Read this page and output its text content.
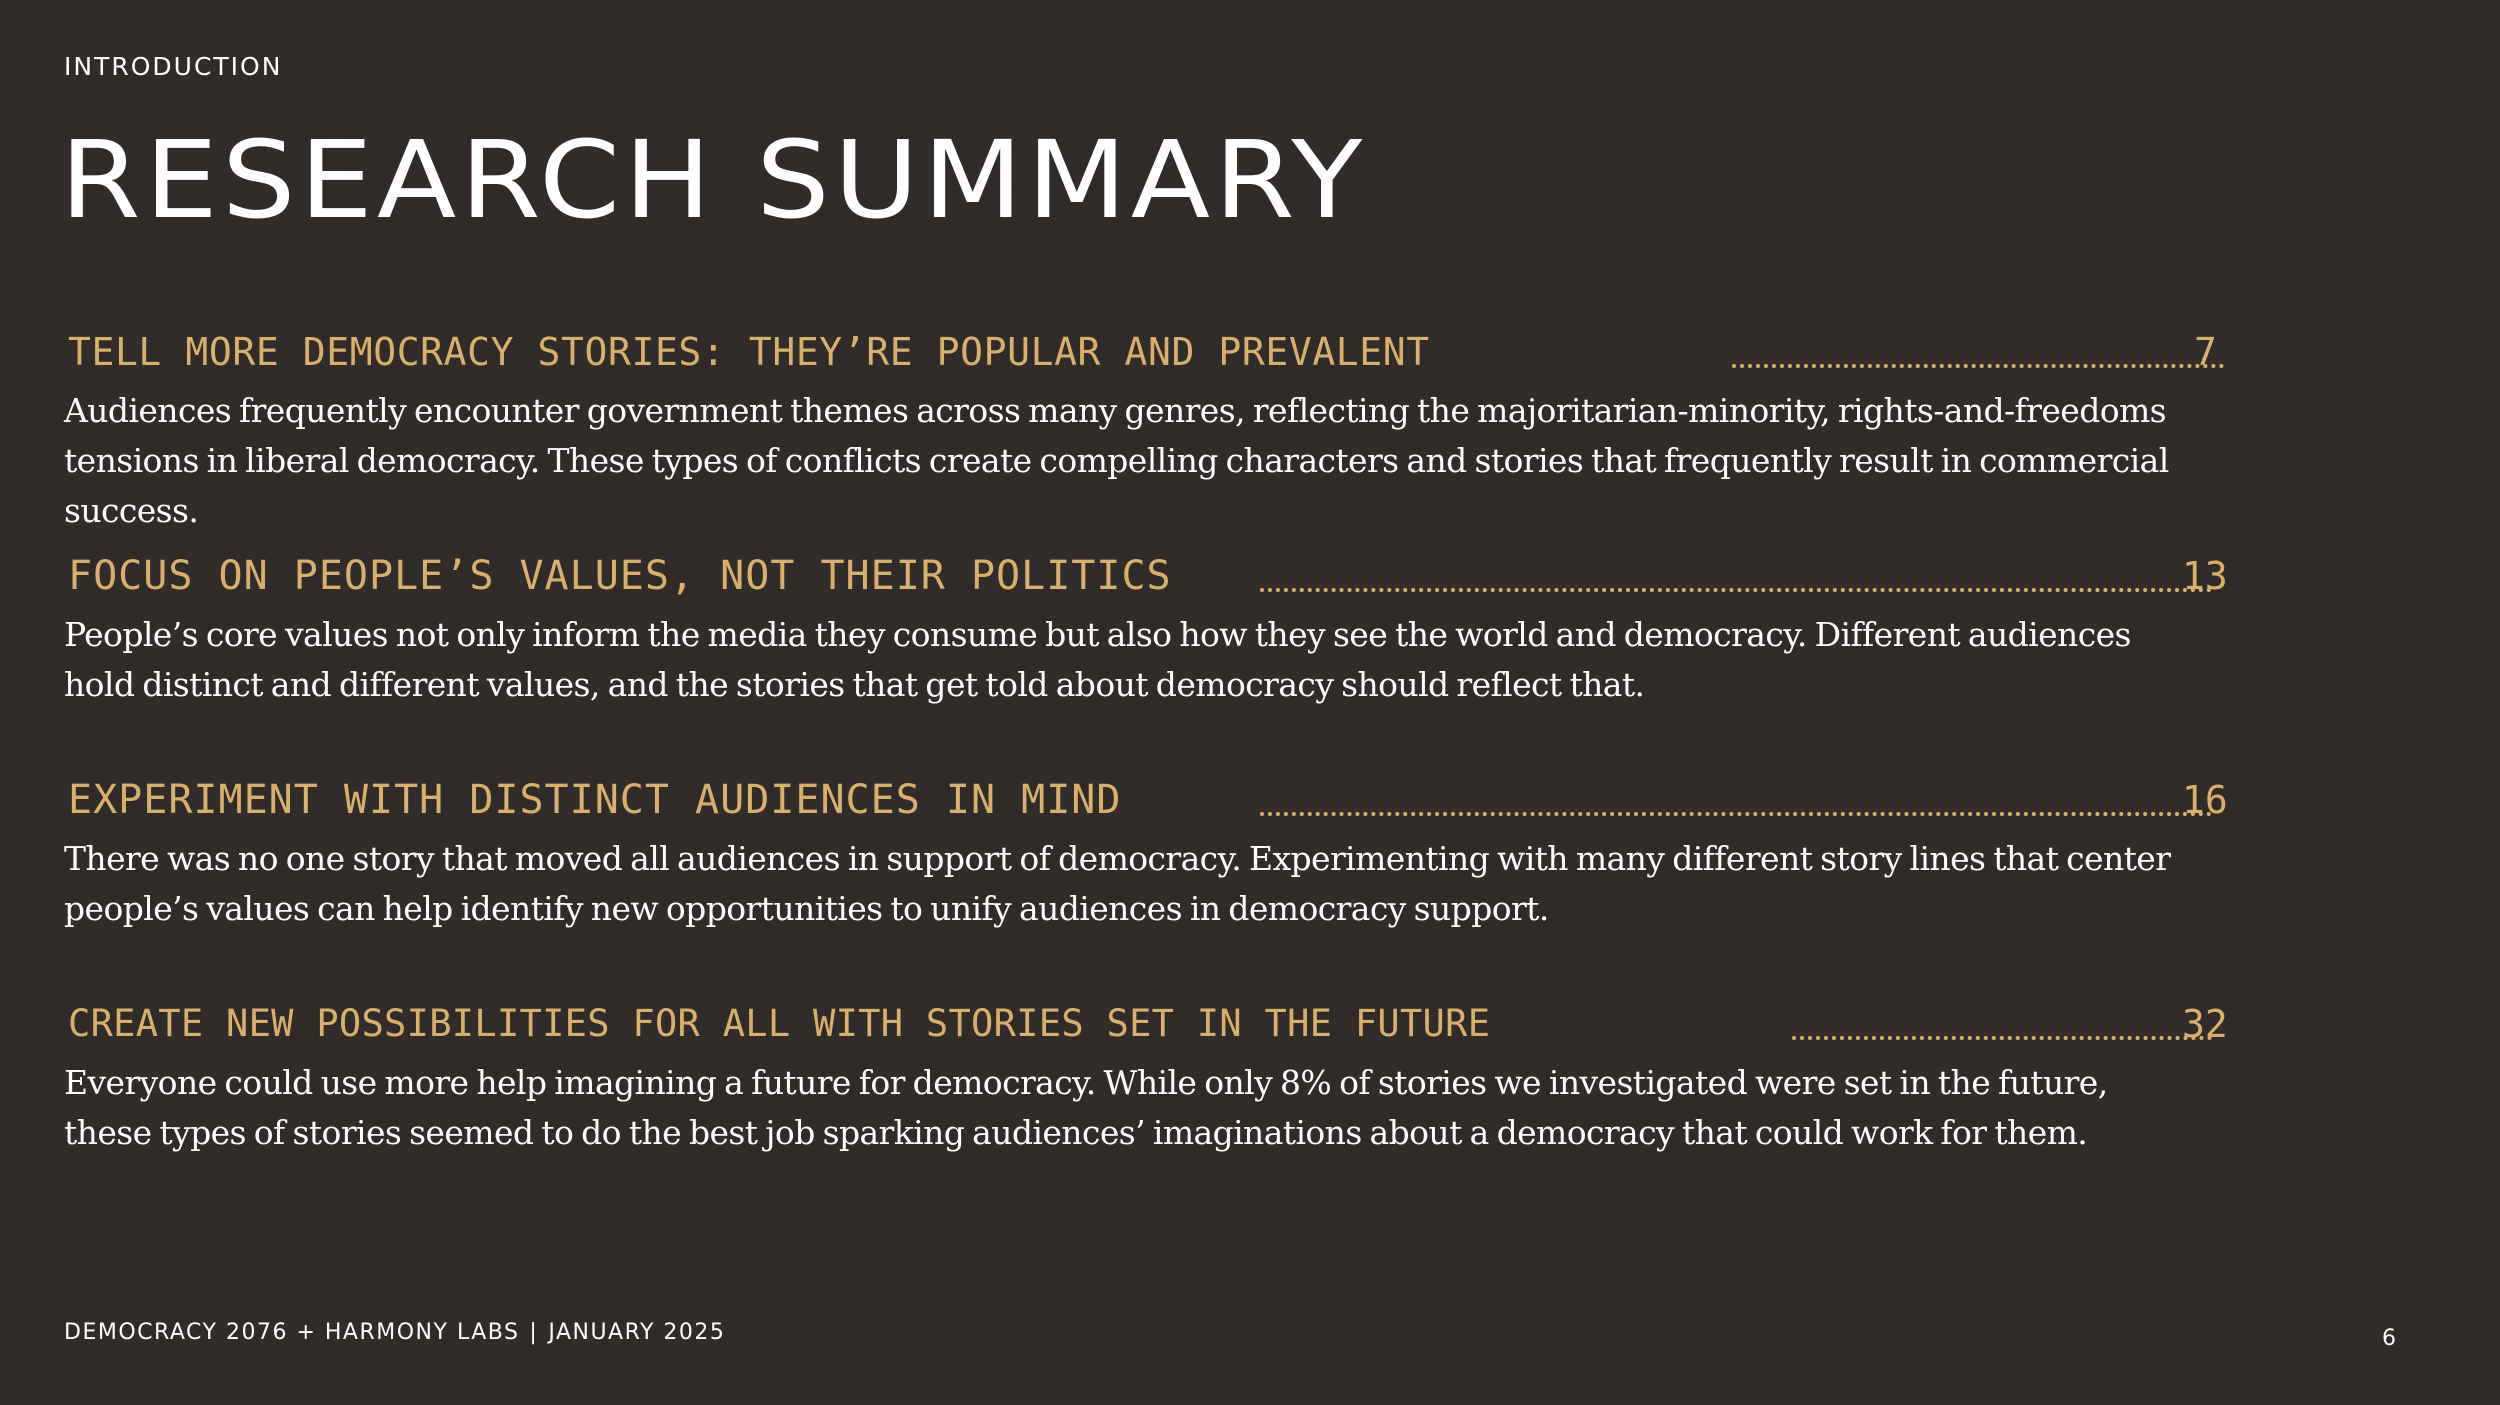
INTRODUCTION
RESEARCH SUMMARY
TELL MORE DEMOCRACY STORIES: THEY’RE POPULAR AND PREVALENT	7

Audiences frequently encounter government themes across many genres, reflecting the majoritarian-minority, rights-and-freedoms tensions in liberal democracy. These types of conflicts create compelling characters and stories that frequently result in commercial success.

FOCUS ON PEOPLE’S VALUES, NOT THEIR POLITICS	13

People’s core values not only inform the media they consume but also how they see the world and democracy. Different audiences hold distinct and different values, and the stories that get told about democracy should reflect that.

EXPERIMENT WITH DISTINCT AUDIENCES IN MIND	16

There was no one story that moved all audiences in support of democracy. Experimenting with many different story lines that center people’s values can help identify new opportunities to unify audiences in democracy support.

CREATE NEW POSSIBILITIES FOR ALL WITH STORIES SET IN THE FUTURE	32

Everyone could use more help imagining a future for democracy. While only 8% of stories we investigated were set in the future, these types of stories seemed to do the best job sparking audiences’ imaginations about a democracy that could work for them.

DEMOCRACY 2076 + HARMONY LABS | JANUARY 2025	6
